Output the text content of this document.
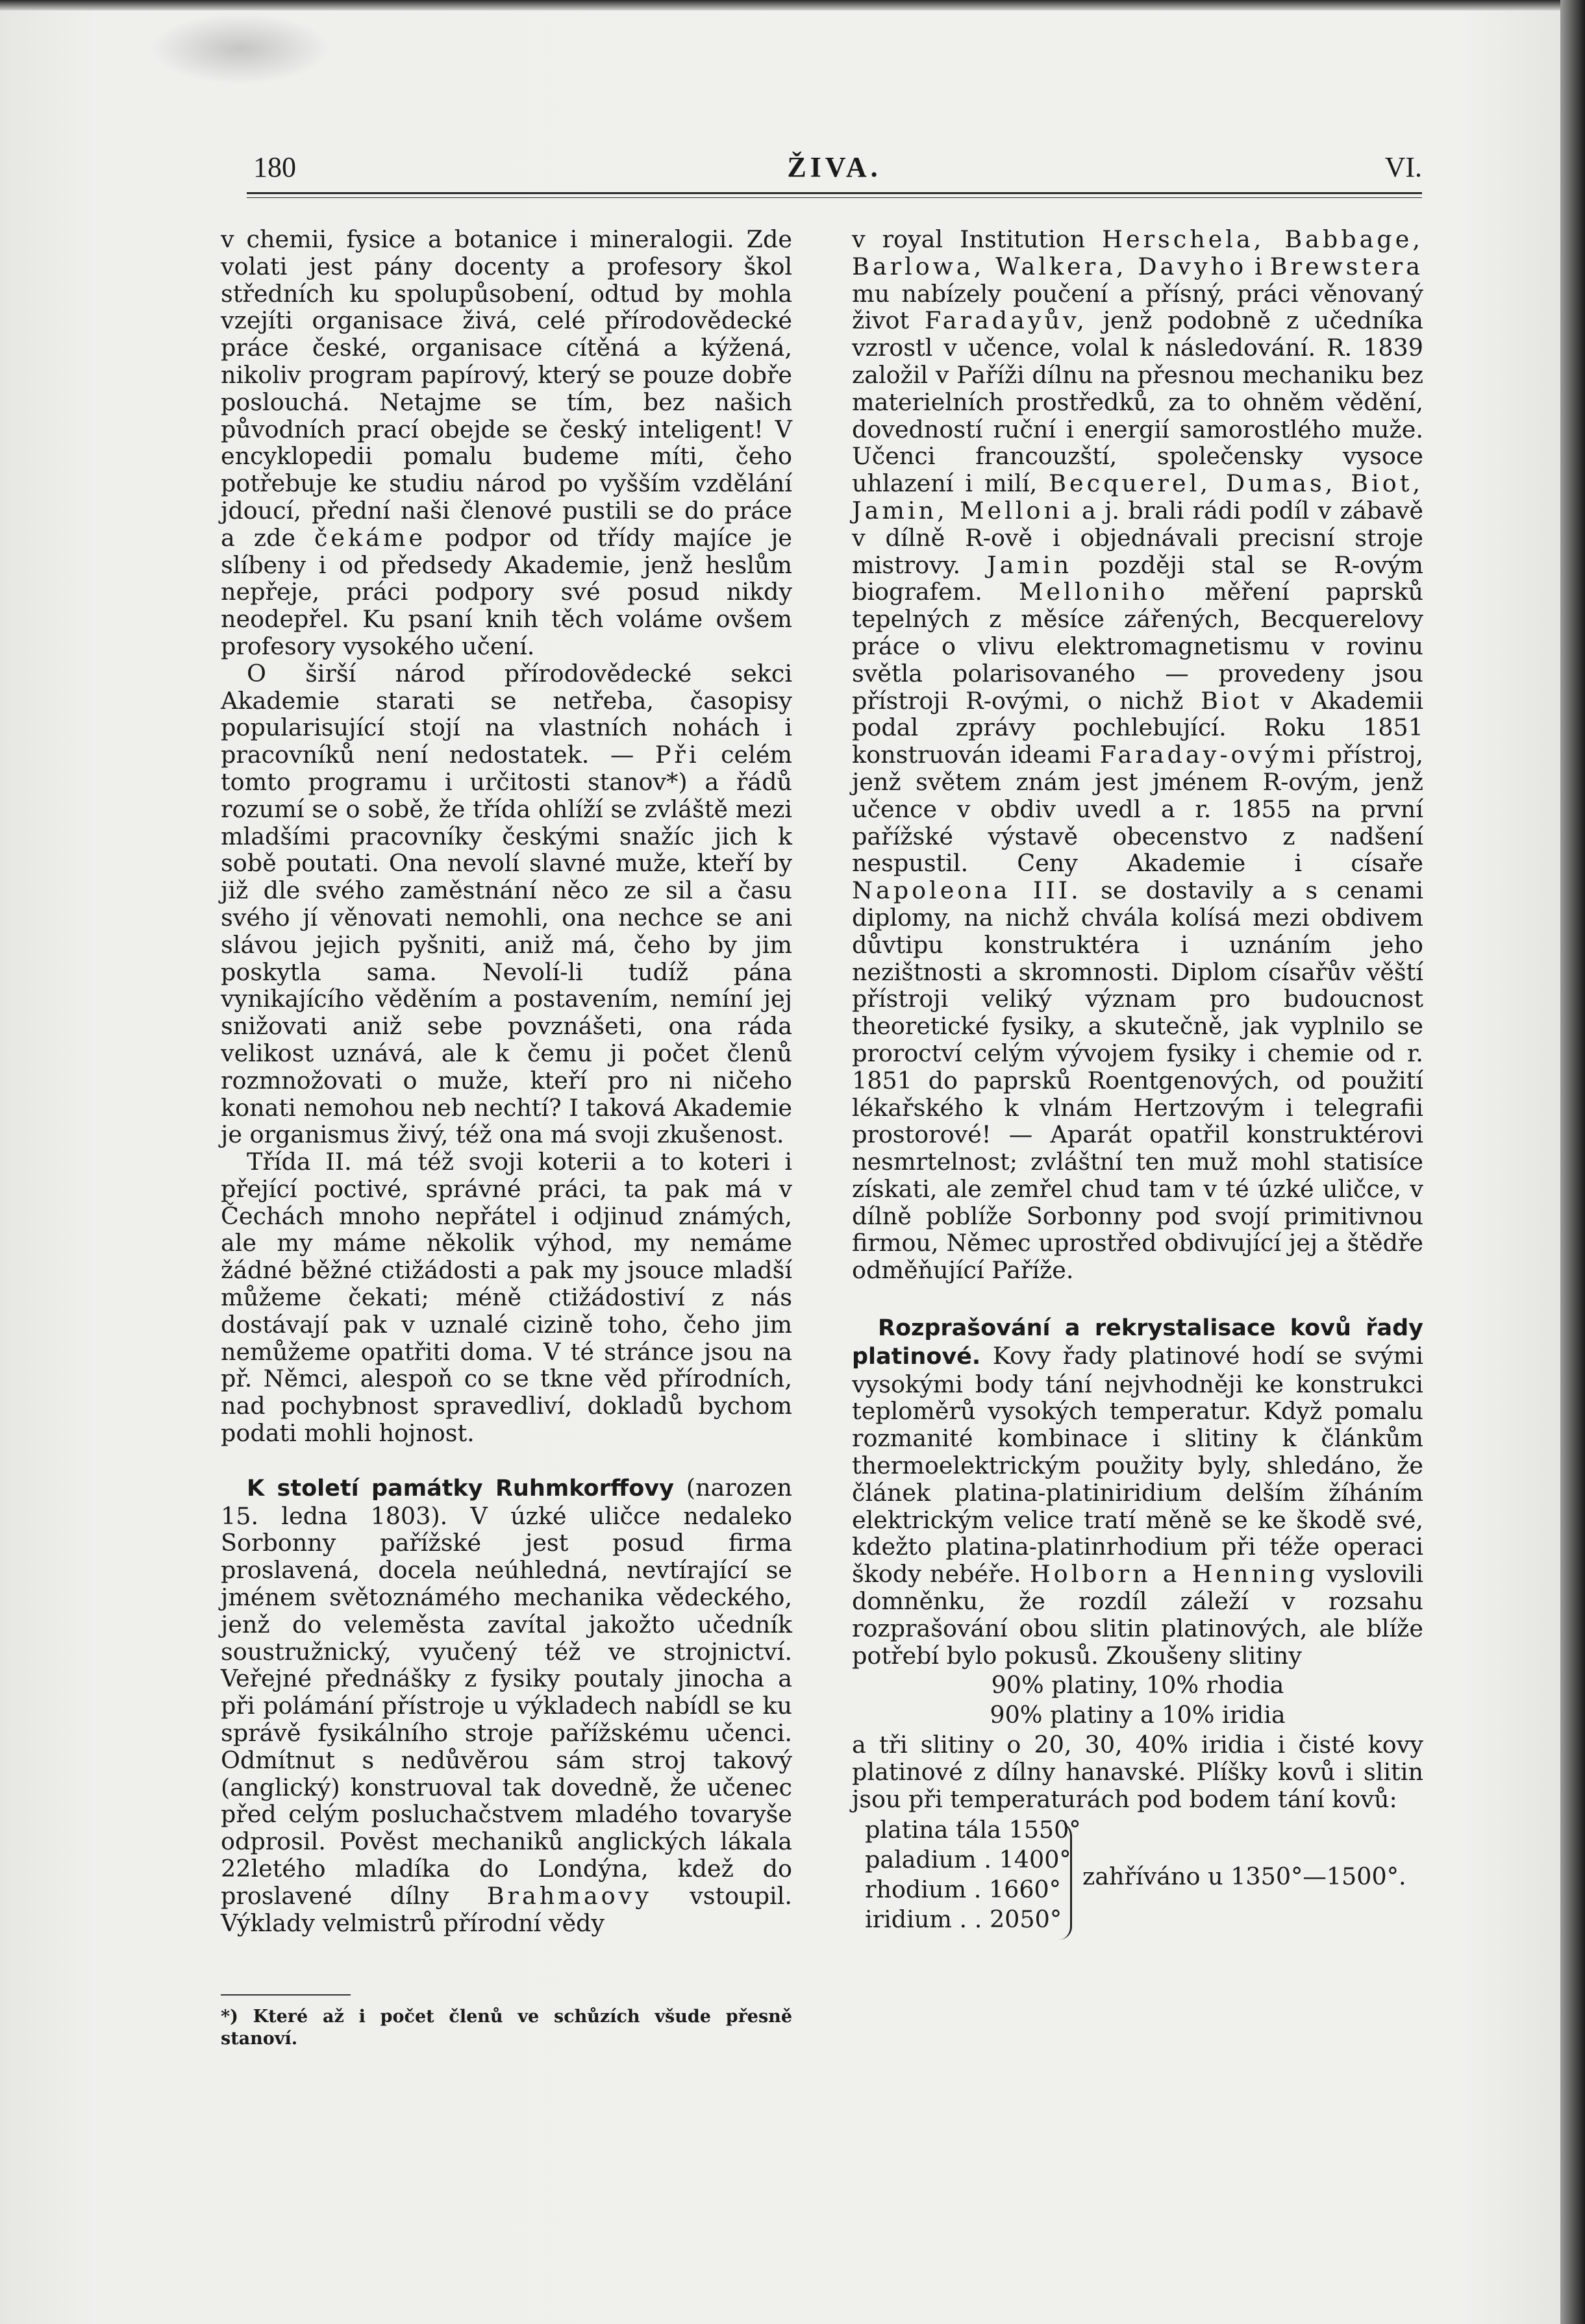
180	ŽIVA.	VI.

v chemii, fysice a botanice i mineralogii. Zde volati jest pány docenty a profesory škol středních ku spolupůsobení, odtud by mohla vzejíti organisace živá, celé přírodovědecké práce české, organisace cítěná a kýžená, nikoliv program papírový, který se pouze dobře poslouchá. Netajme se tím, bez našich původních prací obejde se český inteligent! V encyklopedii pomalu budeme míti, čeho potřebuje ke studiu národ po vyšším vzdělání jdoucí, přední naši členové pustili se do práce a zde čekáme podpor od třídy majíce je slíbeny i od předsedy Akademie, jenž heslům nepřeje, práci podpory své posud nikdy neodepřel. Ku psaní knih těch voláme ovšem profesory vysokého učení.

O širší národ přírodovědecké sekci Akademie starati se netřeba, časopisy popularisující stojí na vlastních nohách i pracovníků není nedostatek. — Při celém tomto programu i určitosti stanov*) a řádů rozumí se o sobě, že třída ohlíží se zvláště mezi mladšími pracovníky českými snažíc jich k sobě poutati. Ona nevolí slavné muže, kteří by již dle svého zaměstnání něco ze sil a času svého jí věnovati nemohli, ona nechce se ani slávou jejich pyšniti, aniž má, čeho by jim poskytla sama. Nevolí-li tudíž pána vynikajícího věděním a postavením, nemíní jej snižovati aniž sebe povznášeti, ona ráda velikost uznává, ale k čemu ji počet členů rozmnožovati o muže, kteří pro ni ničeho konati nemohou neb nechtí? I taková Akademie je organismus živý, též ona má svoji zkušenost.

Třída II. má též svoji koterii a to koteri i přející poctivé, správné práci, ta pak má v Čechách mnoho nepřátel i odjinud známých, ale my máme několik výhod, my nemáme žádné běžné ctižádosti a pak my jsouce mladší můžeme čekati; méně ctižádostiví z nás dostávají pak v uznalé cizině toho, čeho jim nemůžeme opatřiti doma. V té stránce jsou na př. Němci, alespoň co se tkne věd přírodních, nad pochybnost spravedliví, dokladů bychom podati mohli hojnost.

K století památky Ruhmkorffovy (narozen 15. ledna 1803). V úzké uličce nedaleko Sorbonny pařížské jest posud firma proslavená, docela neúhledná, nevtírající se jménem světoznámého mechanika vědeckého, jenž do veleměsta zavítal jakožto učedník soustružnický, vyučený též ve strojnictví. Veřejné přednášky z fysiky poutaly jinocha a při polámání přístroje u výkladech nabídl se ku správě fysikálního stroje pařížskému učenci. Odmítnut s nedůvěrou sám stroj takový (anglický) konstruoval tak dovedně, že učenec před celým posluchačstvem mladého tovaryše odprosil. Pověst mechaniků anglických lákala 22letého mladíka do Londýna, kdež do proslavené dílny Brahmaovy vstoupil. Výklady velmistrů přírodní vědy

*) Které až i počet členů ve schůzích všude přesně stanoví.

v royal Institution Herschela, Babbage, Barlowa, Walkera, Davyho i Brewstera mu nabízely poučení a přísný, práci věnovaný život Faradayův, jenž podobně z učedníka vzrostl v učence, volal k následování. R. 1839 založil v Paříži dílnu na přesnou mechaniku bez materielních prostředků, za to ohněm vědění, dovedností ruční i energií samorostlého muže. Učenci francouzští, společensky vysoce uhlazení i milí, Becquerel, Dumas, Biot, Jamin, Melloni a j. brali rádi podíl v zábavě v dílně R-ově i objednávali precisní stroje mistrovy. Jamin později stal se R-ovým biografem. Melloniho měření paprsků tepelných z měsíce zářených, Becquerelovy práce o vlivu elektromagnetismu v rovinu světla polarisovaného — provedeny jsou přístroji R-ovými, o nichž Biot v Akademii podal zprávy pochlebující. Roku 1851 konstruován ideami Faraday-ovými přístroj, jenž světem znám jest jménem R-ovým, jenž učence v obdiv uvedl a r. 1855 na první pařížské výstavě obecenstvo z nadšení nespustil. Ceny Akademie i císaře Napoleona III. se dostavily a s cenami diplomy, na nichž chvála kolísá mezi obdivem důvtipu konstruktéra i uznáním jeho nezištnosti a skromnosti. Diplom císařův věští přístroji veliký význam pro budoucnost theoretické fysiky, a skutečně, jak vyplnilo se proroctví celým vývojem fysiky i chemie od r. 1851 do paprsků Roentgenových, od použití lékařského k vlnám Hertzovým i telegrafii prostorové! — Aparát opatřil konstruktérovi nesmrtelnost; zvláštní ten muž mohl statisíce získati, ale zemřel chud tam v té úzké uličce, v dílně poblíže Sorbonny pod svojí primitivnou firmou, Němec uprostřed obdivující jej a štědře odměňující Paříže.

Rozprašování a rekrystalisace kovů řady platinové. Kovy řady platinové hodí se svými vysokými body tání nejvhodněji ke konstrukci teploměrů vysokých temperatur. Když pomalu rozmanité kombinace i slitiny k článkům thermoelektrickým použity byly, shledáno, že článek platina-platiniridium delším žíháním elektrickým velice tratí měně se ke škodě své, kdežto platina-platinrhodium při téže operaci škody nebéře. Holborn a Henning vyslovili domněnku, že rozdíl záleží v rozsahu rozprašování obou slitin platinových, ale blíže potřebí bylo pokusů. Zkoušeny slitiny

90% platiny, 10% rhodia
90% platiny a 10% iridia

a tři slitiny o 20, 30, 40% iridia i čisté kovy platinové z dílny hanavské. Plíšky kovů i slitin jsou při temperaturách pod bodem tání kovů:

platina tála 1550°
paladium . 1400°
rhodium . 1660°
iridium . . 2050°
zahříváno u 1350°—1500°.
